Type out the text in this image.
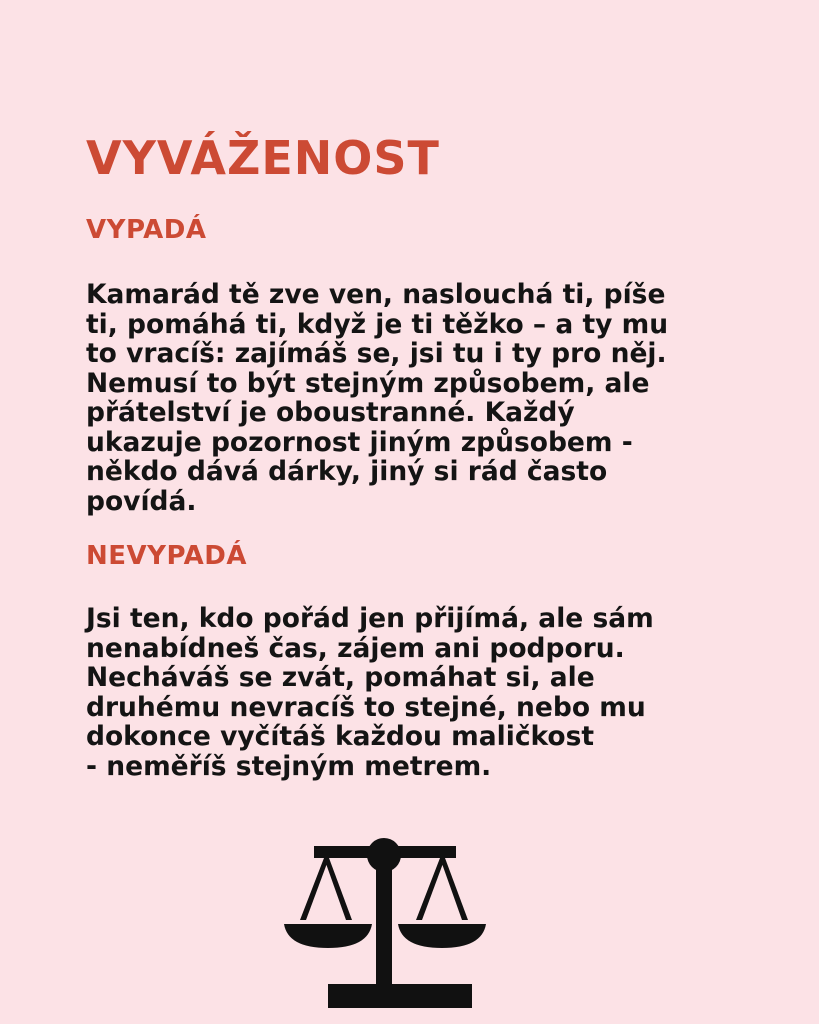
VYVÁŽENOST
VYPADÁ

Kamarád tě zve ven, naslouchá ti, píše
ti, pomáhá ti, když je ti těžko – a ty mu
to vracíš: zajímáš se, jsi tu i ty pro něj.
Nemusí to být stejným způsobem, ale
přátelství je oboustranné. Každý
ukazuje pozornost jiným způsobem -
někdo dává dárky, jiný si rád často
povídá.

NEVYPADÁ

Jsi ten, kdo pořád jen přijímá, ale sám
nenabídneš čas, zájem ani podporu.
Necháváš se zvát, pomáhat si, ale
druhému nevracíš to stejné, nebo mu
dokonce vyčítáš každou maličkost
- neměříš stejným metrem.
